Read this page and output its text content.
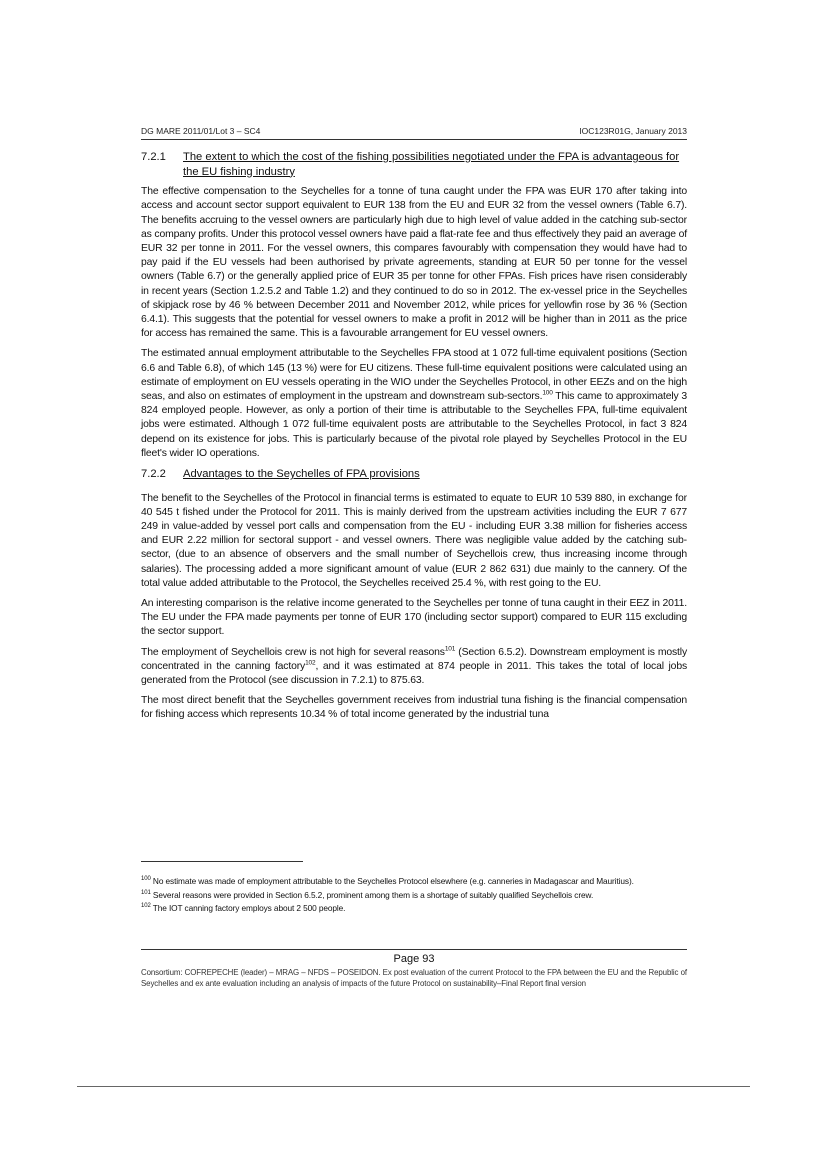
DG MARE 2011/01/Lot 3 – SC4	IOC123R01G, January 2013
7.2.1	The extent to which the cost of the fishing possibilities negotiated under the FPA is advantageous for the EU fishing industry

The effective compensation to the Seychelles for a tonne of tuna caught under the FPA was EUR 170 after taking into access and account sector support equivalent to EUR 138 from the EU and EUR 32 from the vessel owners (Table 6.7). The benefits accruing to the vessel owners are particularly high due to high level of value added in the catching sub-sector as company profits. Under this protocol vessel owners have paid a flat-rate fee and thus effectively they paid an average of EUR 32 per tonne in 2011. For the vessel owners, this compares favourably with compensation they would have had to pay paid if the EU vessels had been authorised by private agreements, standing at EUR 50 per tonne for the vessel owners (Table 6.7) or the generally applied price of EUR 35 per tonne for other FPAs. Fish prices have risen considerably in recent years (Section 1.2.5.2 and Table 1.2) and they continued to do so in 2012. The ex-vessel price in the Seychelles of skipjack rose by 46 % between December 2011 and November 2012, while prices for yellowfin rose by 36 % (Section 6.4.1). This suggests that the potential for vessel owners to make a profit in 2012 will be higher than in 2011 as the price for access has remained the same. This is a favourable arrangement for EU vessel owners.

The estimated annual employment attributable to the Seychelles FPA stood at 1 072 full-time equivalent positions (Section 6.6 and Table 6.8), of which 145 (13 %) were for EU citizens. These full-time equivalent positions were calculated using an estimate of employment on EU vessels operating in the WIO under the Seychelles Protocol, in other EEZs and on the high seas, and also on estimates of employment in the upstream and downstream sub-sectors.$^{100}$ This came to approximately 3 824 employed people. However, as only a portion of their time is attributable to the Seychelles FPA, full-time equivalent jobs were estimated. Although 1 072 full-time equivalent posts are attributable to the Seychelles Protocol, in fact 3 824 depend on its existence for jobs. This is particularly because of the pivotal role played by Seychelles Protocol in the EU fleet's wider IO operations.

7.2.2	Advantages to the Seychelles of FPA provisions

The benefit to the Seychelles of the Protocol in financial terms is estimated to equate to EUR 10 539 880, in exchange for 40 545 t fished under the Protocol for 2011. This is mainly derived from the upstream activities including the EUR 7 677 249 in value-added by vessel port calls and compensation from the EU - including EUR 3.38 million for fisheries access and EUR 2.22 million for sectoral support - and vessel owners. There was negligible value added by the catching sub-sector, (due to an absence of observers and the small number of Seychellois crew, thus increasing income through salaries). The processing added a more significant amount of value (EUR 2 862 631) due mainly to the cannery. Of the total value added attributable to the Protocol, the Seychelles received 25.4 %, with rest going to the EU.

An interesting comparison is the relative income generated to the Seychelles per tonne of tuna caught in their EEZ in 2011. The EU under the FPA made payments per tonne of EUR 170 (including sector support) compared to EUR 115 excluding the sector support.

The employment of Seychellois crew is not high for several reasons$^{101}$ (Section 6.5.2). Downstream employment is mostly concentrated in the canning factory$^{102}$, and it was estimated at 874 people in 2011. This takes the total of local jobs generated from the Protocol (see discussion in 7.2.1) to 875.63.

The most direct benefit that the Seychelles government receives from industrial tuna fishing is the financial compensation for fishing access which represents 10.34 % of total income generated by the industrial tuna

$^{100}$ No estimate was made of employment attributable to the Seychelles Protocol elsewhere (e.g. canneries in Madagascar and Mauritius).
$^{101}$ Several reasons were provided in Section 6.5.2, prominent among them is a shortage of suitably qualified Seychellois crew.
$^{102}$ The IOT canning factory employs about 2 500 people.
Page 93
Consortium: COFREPECHE (leader) – MRAG – NFDS – POSEIDON. Ex post evaluation of the current Protocol to the FPA between the EU and the Republic of Seychelles and ex ante evaluation including an analysis of impacts of the future Protocol on sustainability–Final Report final version
